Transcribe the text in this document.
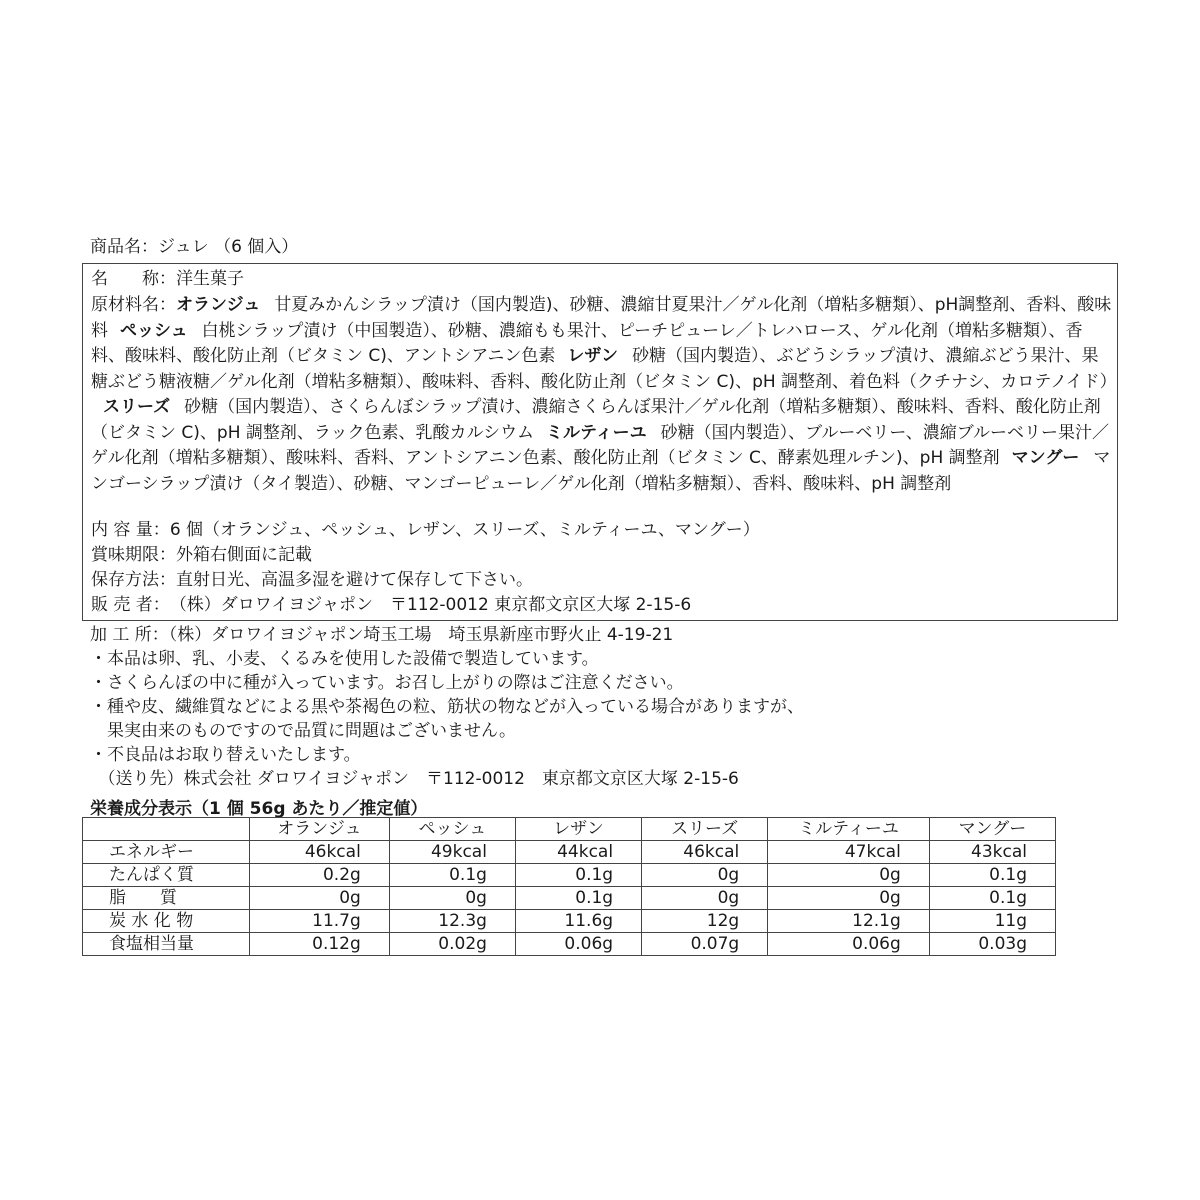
商品名：ジュレ （6 個入）
名　　称：洋生菓子
原材料名：オランジュ 甘夏みかんシラップ漬け（国内製造)、砂糖、濃縮甘夏果汁／ゲル化剤（増粘多糖類）、pH調整剤、香料、酸味料 ペッシュ 白桃シラップ漬け（中国製造）、砂糖、濃縮もも果汁、ピーチピューレ／トレハロース、ゲル化剤（増粘多糖類）、香料、酸味料、酸化防止剤（ビタミン C)、アントシアニン色素 レザン 砂糖（国内製造）、ぶどうシラップ漬け、濃縮ぶどう果汁、果糖ぶどう糖液糖／ゲル化剤（増粘多糖類）、酸味料、香料、酸化防止剤（ビタミン C)、pH 調整剤、着色料（クチナシ、カロテノイド）スリーズ 砂糖（国内製造）、さくらんぼシラップ漬け、濃縮さくらんぼ果汁／ゲル化剤（増粘多糖類）、酸味料、香料、酸化防止剤（ビタミン C)、pH 調整剤、ラック色素、乳酸カルシウム ミルティーユ 砂糖（国内製造）、ブルーベリー、濃縮ブルーベリー果汁／ゲル化剤（増粘多糖類）、酸味料、香料、アントシアニン色素、酸化防止剤（ビタミン C、酵素処理ルチン)、pH 調整剤 マングー マンゴーシラップ漬け（タイ製造）、砂糖、マンゴーピューレ／ゲル化剤（増粘多糖類）、香料、酸味料、pH 調整剤
内 容 量：6 個（オランジュ、ペッシュ、レザン、スリーズ、ミルティーユ、マングー）
賞味期限：外箱右側面に記載
保存方法：直射日光、高温多湿を避けて保存して下さい。
販 売 者：（株）ダロワイヨジャポン　〒112-0012 東京都文京区大塚 2-15-6
加 工 所：（株）ダロワイヨジャポン埼玉工場　埼玉県新座市野火止 4-19-21
・本品は卵、乳、小麦、くるみを使用した設備で製造しています。
・さくらんぼの中に種が入っています。お召し上がりの際はご注意ください。
・種や皮、繊維質などによる黒や茶褐色の粒、筋状の物などが入っている場合がありますが、
　果実由来のものですので品質に問題はございません。
・不良品はお取り替えいたします。
　（送り先）株式会社 ダロワイヨジャポン　〒112-0012　東京都文京区大塚 2-15-6
栄養成分表示（1 個 56g あたり／推定値）
	オランジュ	ペッシュ	レザン	スリーズ	ミルティーユ	マングー
エネルギー	46kcal	49kcal	44kcal	46kcal	47kcal	43kcal
たんぱく質	0.2g	0.1g	0.1g	0g	0g	0.1g
脂　　質	0g	0g	0.1g	0g	0g	0.1g
炭 水 化 物	11.7g	12.3g	11.6g	12g	12.1g	11g
食塩相当量	0.12g	0.02g	0.06g	0.07g	0.06g	0.03g
